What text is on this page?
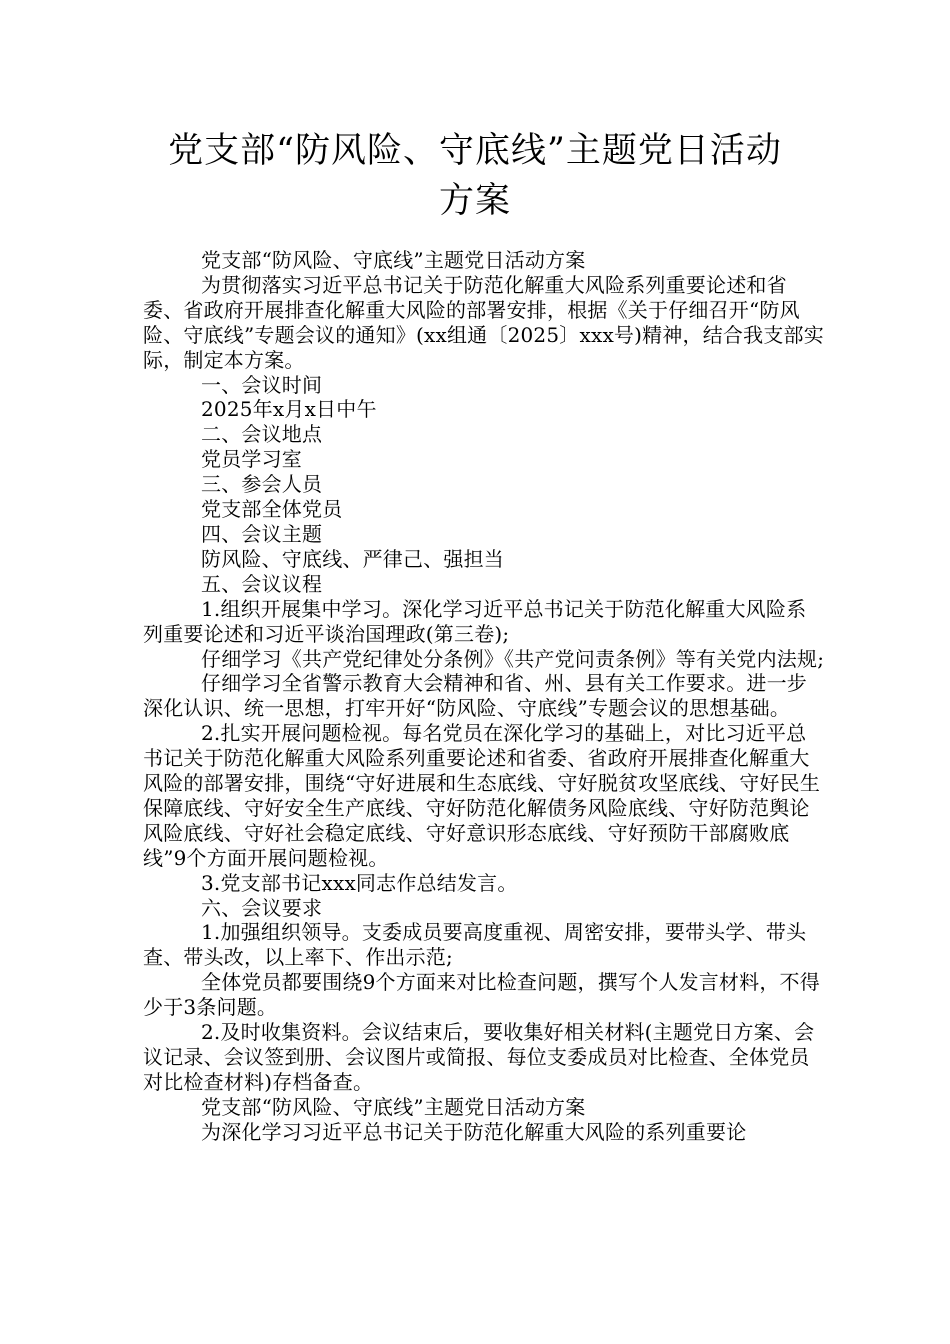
党支部“防风险、守底线”主题党日活动
方案

党支部“防风险、守底线”主题党日活动方案

为贯彻落实习近平总书记关于防范化解重大风险系列重要论述和省委、省政府开展排查化解重大风险的部署安排，根据《关于仔细召开“防风险、守底线”专题会议的通知》(xx组通〔2025〕xxx号)精神，结合我支部实际，制定本方案。

一、会议时间

2025年x月x日中午

二、会议地点

党员学习室

三、参会人员

党支部全体党员

四、会议主题

防风险、守底线、严律己、强担当

五、会议议程

1.组织开展集中学习。深化学习近平总书记关于防范化解重大风险系列重要论述和习近平谈治国理政(第三卷);

仔细学习《共产党纪律处分条例》《共产党问责条例》等有关党内法规;

仔细学习全省警示教育大会精神和省、州、县有关工作要求。进一步深化认识、统一思想，打牢开好“防风险、守底线”专题会议的思想基础。

2.扎实开展问题检视。每名党员在深化学习的基础上，对比习近平总书记关于防范化解重大风险系列重要论述和省委、省政府开展排查化解重大风险的部署安排，围绕“守好进展和生态底线、守好脱贫攻坚底线、守好民生保障底线、守好安全生产底线、守好防范化解债务风险底线、守好防范舆论风险底线、守好社会稳定底线、守好意识形态底线、守好预防干部腐败底线”9个方面开展问题检视。

3.党支部书记xxx同志作总结发言。

六、会议要求

1.加强组织领导。支委成员要高度重视、周密安排，要带头学、带头查、带头改，以上率下、作出示范;

全体党员都要围绕9个方面来对比检查问题，撰写个人发言材料，不得少于3条问题。

2.及时收集资料。会议结束后，要收集好相关材料(主题党日方案、会议记录、会议签到册、会议图片或简报、每位支委成员对比检查、全体党员对比检查材料)存档备查。

党支部“防风险、守底线”主题党日活动方案

为深化学习习近平总书记关于防范化解重大风险的系列重要论
